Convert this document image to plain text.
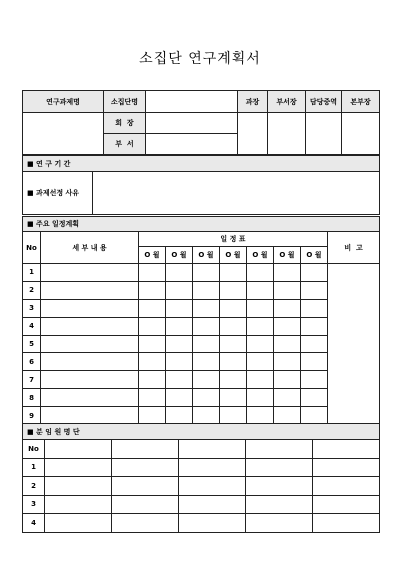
소집단 연구계획서
연구과제명	소집단명		과장	부서장	담당중역	본부장
	회  장					
	부  서					
■ 연 구 기 간
■ 과제선정 사유	
■ 주요 일정계획									
No	세 부 내 용	일 정 표							비  고
		O 월	O 월	O 월	O 월	O 월	O 월	O 월	
1									
2									
3									
4									
5									
6									
7									
8									
9									
■ 분 임 원 명 단					
No					
1					
2					
3					
4					
